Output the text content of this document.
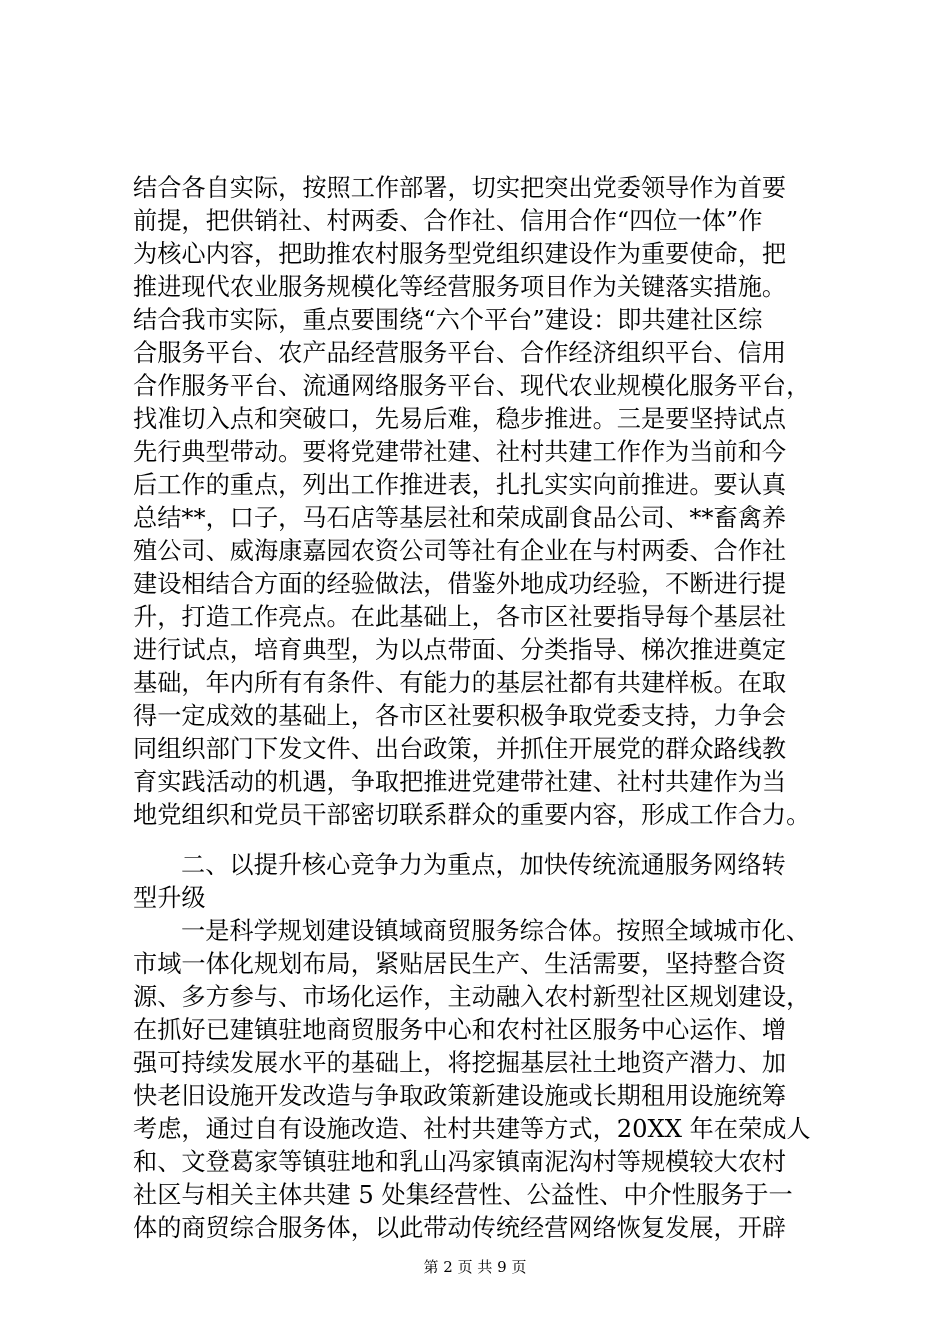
结合各自实际，按照工作部署，切实把突出党委领导作为首要
前提，把供销社、村两委、合作社、信用合作“四位一体”作
为核心内容，把助推农村服务型党组织建设作为重要使命，把
推进现代农业服务规模化等经营服务项目作为关键落实措施。
结合我市实际，重点要围绕“六个平台”建设：即共建社区综
合服务平台、农产品经营服务平台、合作经济组织平台、信用
合作服务平台、流通网络服务平台、现代农业规模化服务平台，
找准切入点和突破口，先易后难，稳步推进。三是要坚持试点
先行典型带动。要将党建带社建、社村共建工作作为当前和今
后工作的重点，列出工作推进表，扎扎实实向前推进。要认真
总结**，口子，马石店等基层社和荣成副食品公司、**畜禽养
殖公司、威海康嘉园农资公司等社有企业在与村两委、合作社
建设相结合方面的经验做法，借鉴外地成功经验，不断进行提
升，打造工作亮点。在此基础上，各市区社要指导每个基层社
进行试点，培育典型，为以点带面、分类指导、梯次推进奠定
基础，年内所有有条件、有能力的基层社都有共建样板。在取
得一定成效的基础上，各市区社要积极争取党委支持，力争会
同组织部门下发文件、出台政策，并抓住开展党的群众路线教
育实践活动的机遇，争取把推进党建带社建、社村共建作为当
地党组织和党员干部密切联系群众的重要内容，形成工作合力。
二、以提升核心竞争力为重点，加快传统流通服务网络转
型升级
一是科学规划建设镇域商贸服务综合体。按照全域城市化、
市域一体化规划布局，紧贴居民生产、生活需要，坚持整合资
源、多方参与、市场化运作，主动融入农村新型社区规划建设，
在抓好已建镇驻地商贸服务中心和农村社区服务中心运作、增
强可持续发展水平的基础上，将挖掘基层社土地资产潜力、加
快老旧设施开发改造与争取政策新建设施或长期租用设施统筹
考虑，通过自有设施改造、社村共建等方式，20XX 年在荣成人
和、文登葛家等镇驻地和乳山冯家镇南泥沟村等规模较大农村
社区与相关主体共建 5 处集经营性、公益性、中介性服务于一
体的商贸综合服务体，以此带动传统经营网络恢复发展，开辟
第 2 页 共 9 页
